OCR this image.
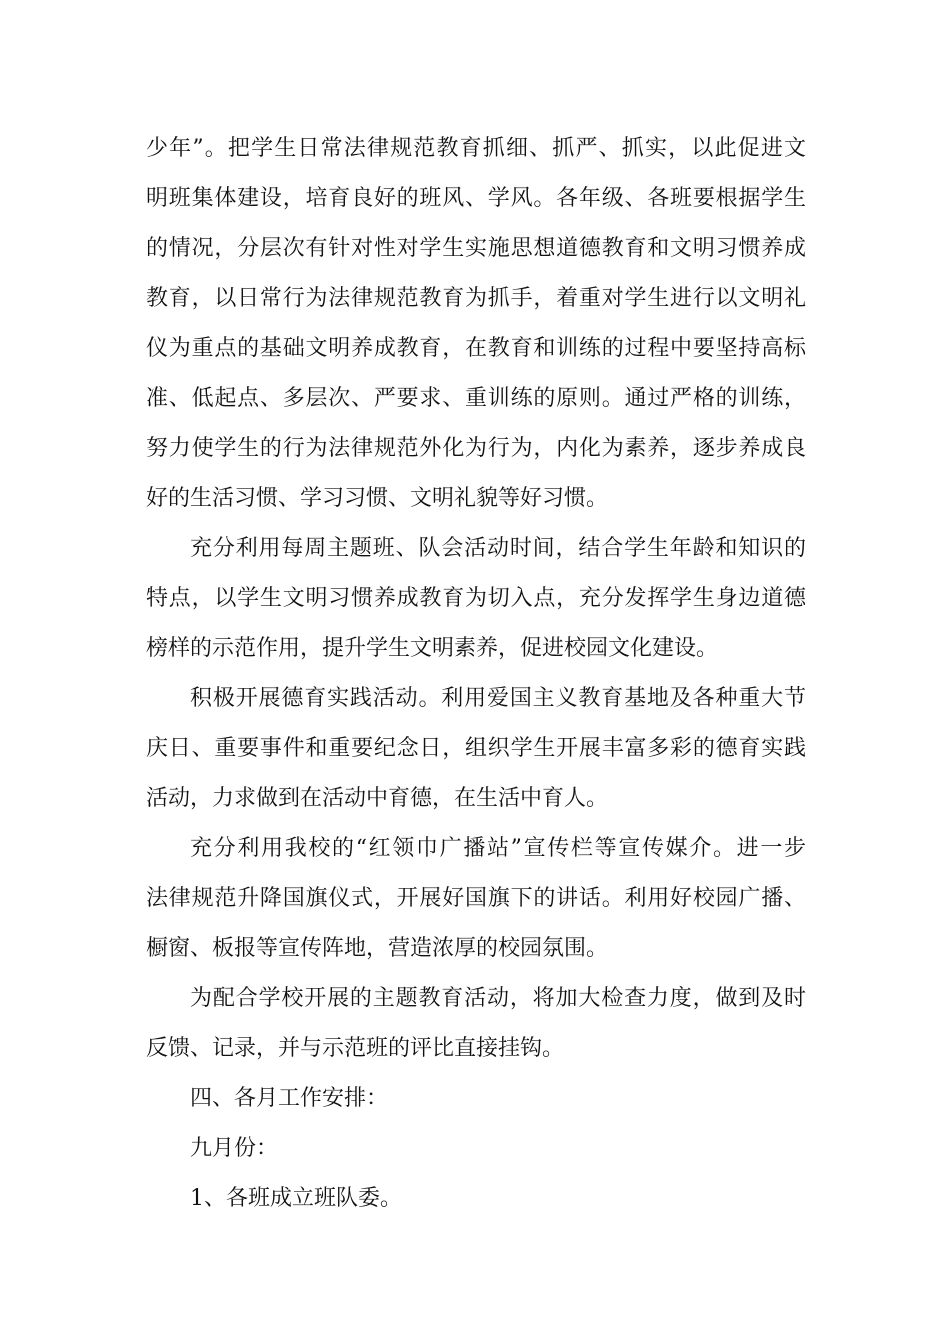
少年”。把学生日常法律规范教育抓细、抓严、抓实，以此促进文
明班集体建设，培育良好的班风、学风。各年级、各班要根据学生
的情况，分层次有针对性对学生实施思想道德教育和文明习惯养成
教育，以日常行为法律规范教育为抓手，着重对学生进行以文明礼
仪为重点的基础文明养成教育，在教育和训练的过程中要坚持高标
准、低起点、多层次、严要求、重训练的原则。通过严格的训练，
努力使学生的行为法律规范外化为行为，内化为素养，逐步养成良
好的生活习惯、学习习惯、文明礼貌等好习惯。
充分利用每周主题班、队会活动时间，结合学生年龄和知识的
特点，以学生文明习惯养成教育为切入点，充分发挥学生身边道德
榜样的示范作用，提升学生文明素养，促进校园文化建设。
积极开展德育实践活动。利用爱国主义教育基地及各种重大节
庆日、重要事件和重要纪念日，组织学生开展丰富多彩的德育实践
活动，力求做到在活动中育德，在生活中育人。
充分利用我校的“红领巾广播站”宣传栏等宣传媒介。进一步
法律规范升降国旗仪式，开展好国旗下的讲话。利用好校园广播、
橱窗、板报等宣传阵地，营造浓厚的校园氛围。
为配合学校开展的主题教育活动，将加大检查力度，做到及时
反馈、记录，并与示范班的评比直接挂钩。
四、各月工作安排：
九月份：
1、各班成立班队委。
